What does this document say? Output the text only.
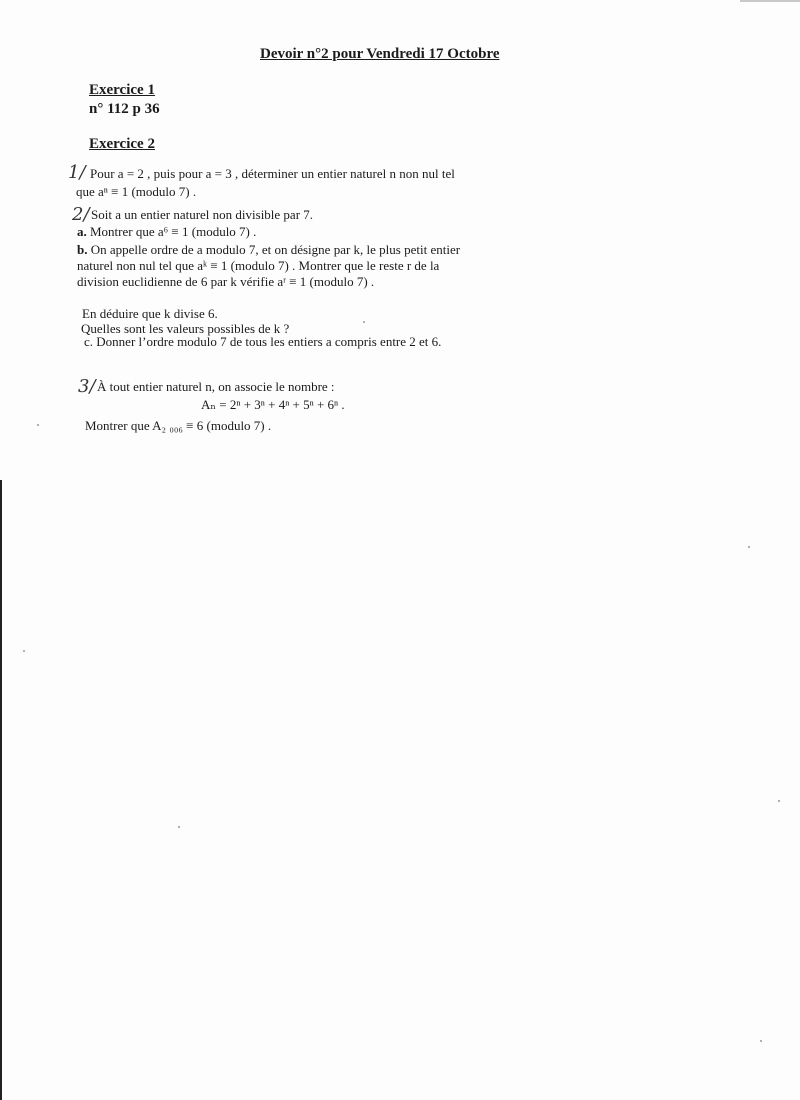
Devoir n°2 pour Vendredi 17 Octobre
Exercice 1
n° 112 p 36
Exercice 2
1/ Pour a = 2 , puis pour a = 3 , déterminer un entier naturel n non nul tel
que aⁿ ≡ 1 (modulo 7) .
2/ Soit a un entier naturel non divisible par 7.
a. Montrer que a⁶ ≡ 1 (modulo 7) .
b. On appelle ordre de a modulo 7, et on désigne par k, le plus petit entier
naturel non nul tel que aᵏ ≡ 1 (modulo 7) . Montrer que le reste r de la
division euclidienne de 6 par k vérifie aʳ ≡ 1 (modulo 7) .
En déduire que k divise 6.
Quelles sont les valeurs possibles de k ?
c. Donner l’ordre modulo 7 de tous les entiers a compris entre 2 et 6.
3/ À tout entier naturel n, on associe le nombre :
Aₙ = 2ⁿ + 3ⁿ + 4ⁿ + 5ⁿ + 6ⁿ .
Montrer que A₂ ₀₀₆ ≡ 6 (modulo 7) .
